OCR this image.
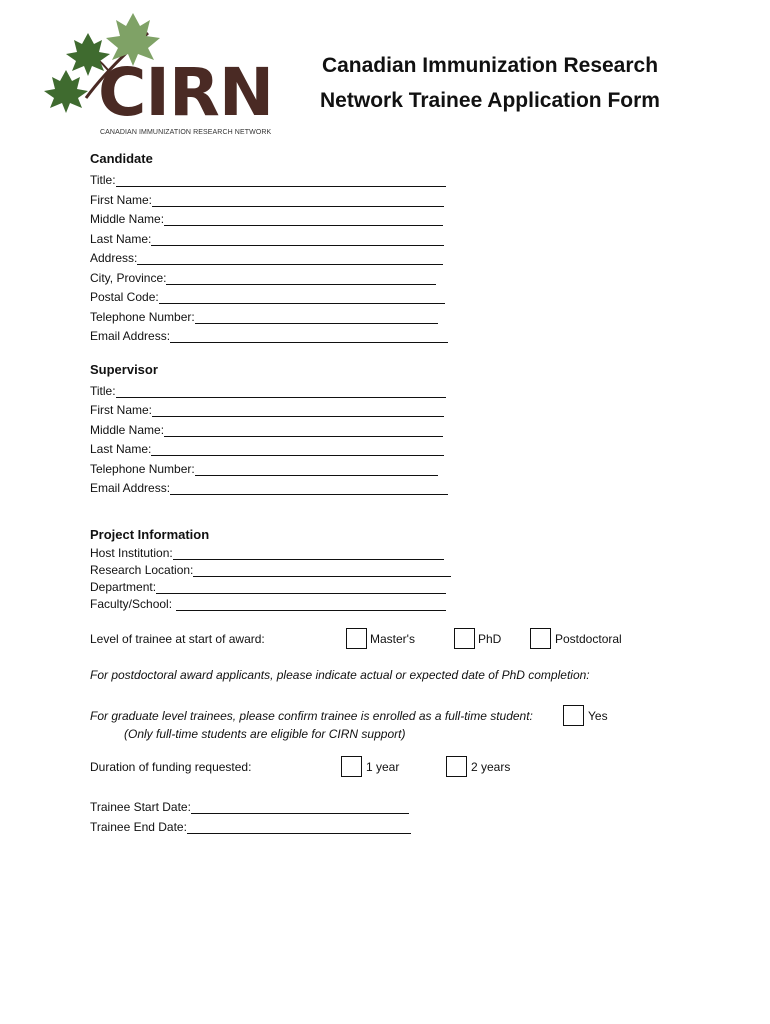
CIRN
CANADIAN IMMUNIZATION RESEARCH NETWORK
Canadian Immunization Research
Network Trainee Application Form
Candidate
Title:
First Name:
Middle Name:
Last Name:
Address:
City, Province:
Postal Code:
Telephone Number:
Email Address:
Supervisor
Title:
First Name:
Middle Name:
Last Name:
Telephone Number:
Email Address:
Project Information
Host Institution:
Research Location:
Department:
Faculty/School:
Level of trainee at start of award:	Master's	PhD	Postdoctoral
For postdoctoral award applicants, please indicate actual or expected date of PhD completion:
For graduate level trainees, please confirm trainee is enrolled as a full-time student:	Yes
(Only full-time students are eligible for CIRN support)
Duration of funding requested:	1 year	2 years
Trainee Start Date:
Trainee End Date:
